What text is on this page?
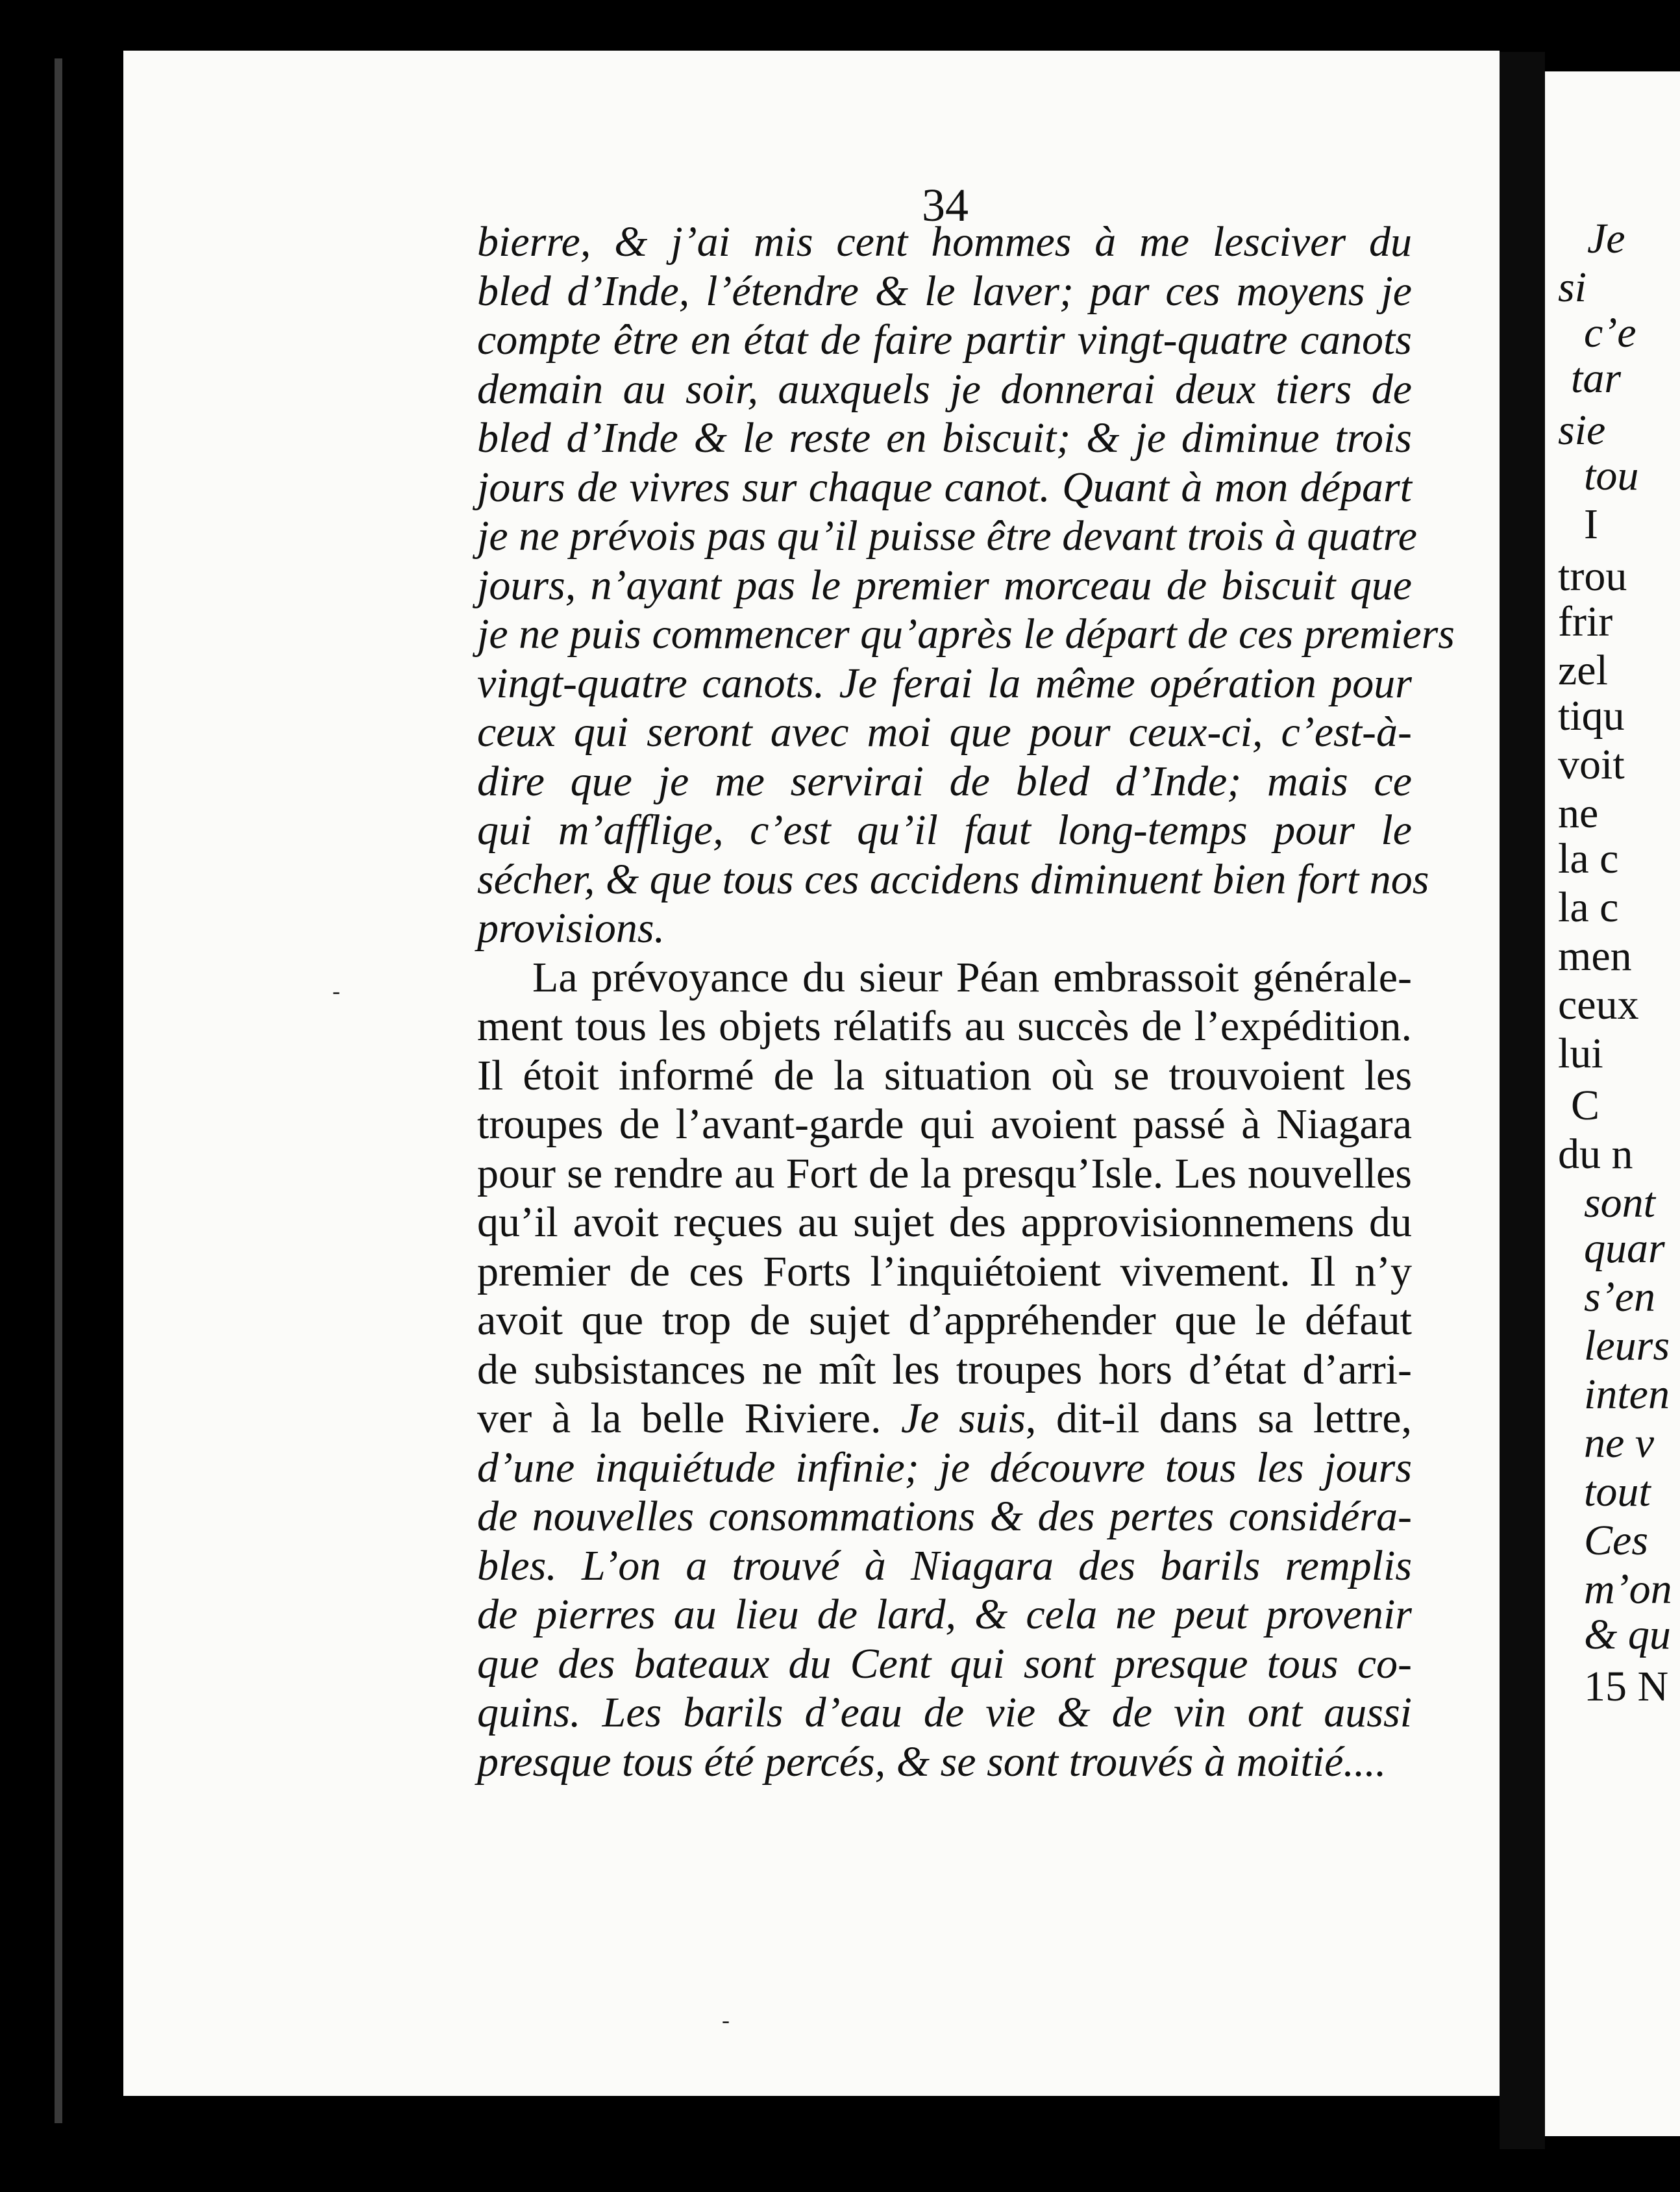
34
bierre, & j’ai mis cent hommes à me lesciver du
bled d’Inde, l’étendre & le laver; par ces moyens je
compte être en état de faire partir vingt-quatre canots
demain au soir, auxquels je donnerai deux tiers de
bled d’Inde & le reste en biscuit; & je diminue trois
jours de vivres sur chaque canot. Quant à mon départ
je ne prévois pas qu’il puisse être devant trois à quatre
jours, n’ayant pas le premier morceau de biscuit que
je ne puis commencer qu’après le départ de ces premiers
vingt-quatre canots. Je ferai la même opération pour
ceux qui seront avec moi que pour ceux-ci, c’est-à-
dire que je me servirai de bled d’Inde; mais ce
qui m’afflige, c’est qu’il faut long-temps pour le
sécher, & que tous ces accidens diminuent bien fort nos
provisions.
La prévoyance du sieur Péan embrassoit générale-
ment tous les objets rélatifs au succès de l’expédition.
Il étoit informé de la situation où se trouvoient les
troupes de l’avant-garde qui avoient passé à Niagara
pour se rendre au Fort de la presqu’Isle. Les nouvelles
qu’il avoit reçues au sujet des approvisionnemens du
premier de ces Forts l’inquiétoient vivement. Il n’y
avoit que trop de sujet d’appréhender que le défaut
de subsistances ne mît les troupes hors d’état d’arri-
ver à la belle Riviere. Je suis, dit-il dans sa lettre,
d’une inquiétude infinie; je découvre tous les jours
de nouvelles consommations & des pertes considéra-
bles. L’on a trouvé à Niagara des barils remplis
de pierres au lieu de lard, & cela ne peut provenir
que des bateaux du Cent qui sont presque tous co-
quins. Les barils d’eau de vie & de vin ont aussi
presque tous été percés, & se sont trouvés à moitié....
Je
si
c’e
tar
sie
tou
I
trou
frir
zel
tiqu
voit
ne
la c
la c
men
ceux
lui
C
du n
sont
quar
s’en
leurs
inten
ne v
tout
Ces
m’on
& qu
15 N
-
-
